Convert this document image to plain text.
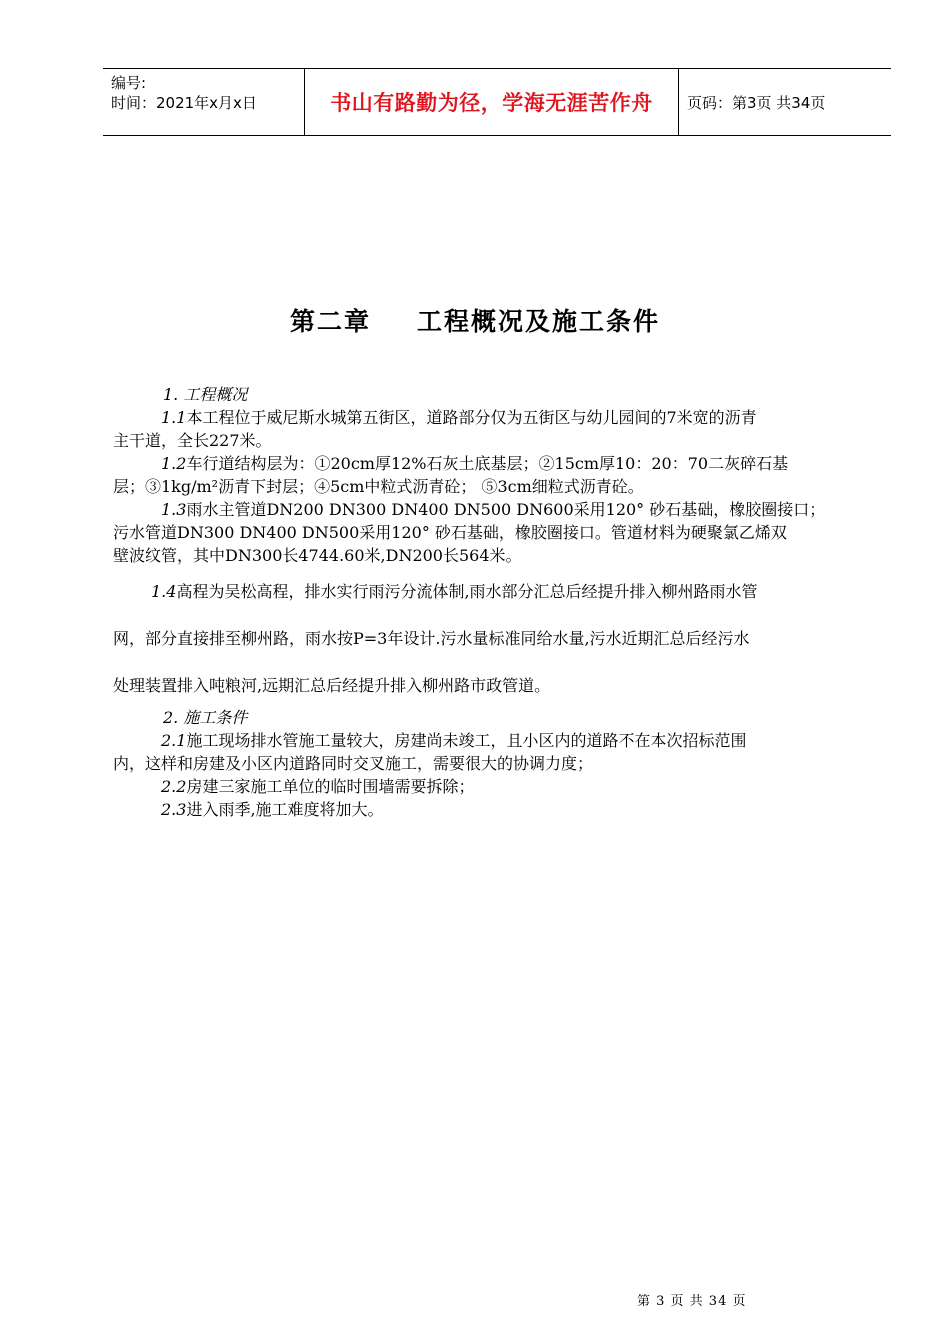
编号:
时间：2021年x月x日	书山有路勤为径，学海无涯苦作舟 页码：第3页 共34页
第二章 工程概况及施工条件
1. 工程概况
1.1本工程位于威尼斯水城第五街区，道路部分仅为五街区与幼儿园间的7米宽的沥青
主干道，全长227米。
1.2车行道结构层为：①20cm厚12%石灰土底基层；②15cm厚10：20：70二灰碎石基
层；③1kg/m²沥青下封层；④5cm中粒式沥青砼； ⑤3cm细粒式沥青砼。
1.3雨水主管道DN200 DN300 DN400 DN500 DN600采用120° 砂石基础，橡胶圈接口；
污水管道DN300 DN400 DN500采用120° 砂石基础，橡胶圈接口。管道材料为硬聚氯乙烯双
壁波纹管，其中DN300长4744.60米,DN200长564米。
1.4高程为吴松高程，排水实行雨污分流体制,雨水部分汇总后经提升排入柳州路雨水管
网，部分直接排至柳州路，雨水按P=3年设计.污水量标准同给水量,污水近期汇总后经污水
处理装置排入吨粮河,远期汇总后经提升排入柳州路市政管道。
2. 施工条件
2.1施工现场排水管施工量较大，房建尚未竣工，且小区内的道路不在本次招标范围
内，这样和房建及小区内道路同时交叉施工，需要很大的协调力度；
2.2房建三家施工单位的临时围墙需要拆除；
2.3进入雨季,施工难度将加大。
第 3 页 共 34 页
